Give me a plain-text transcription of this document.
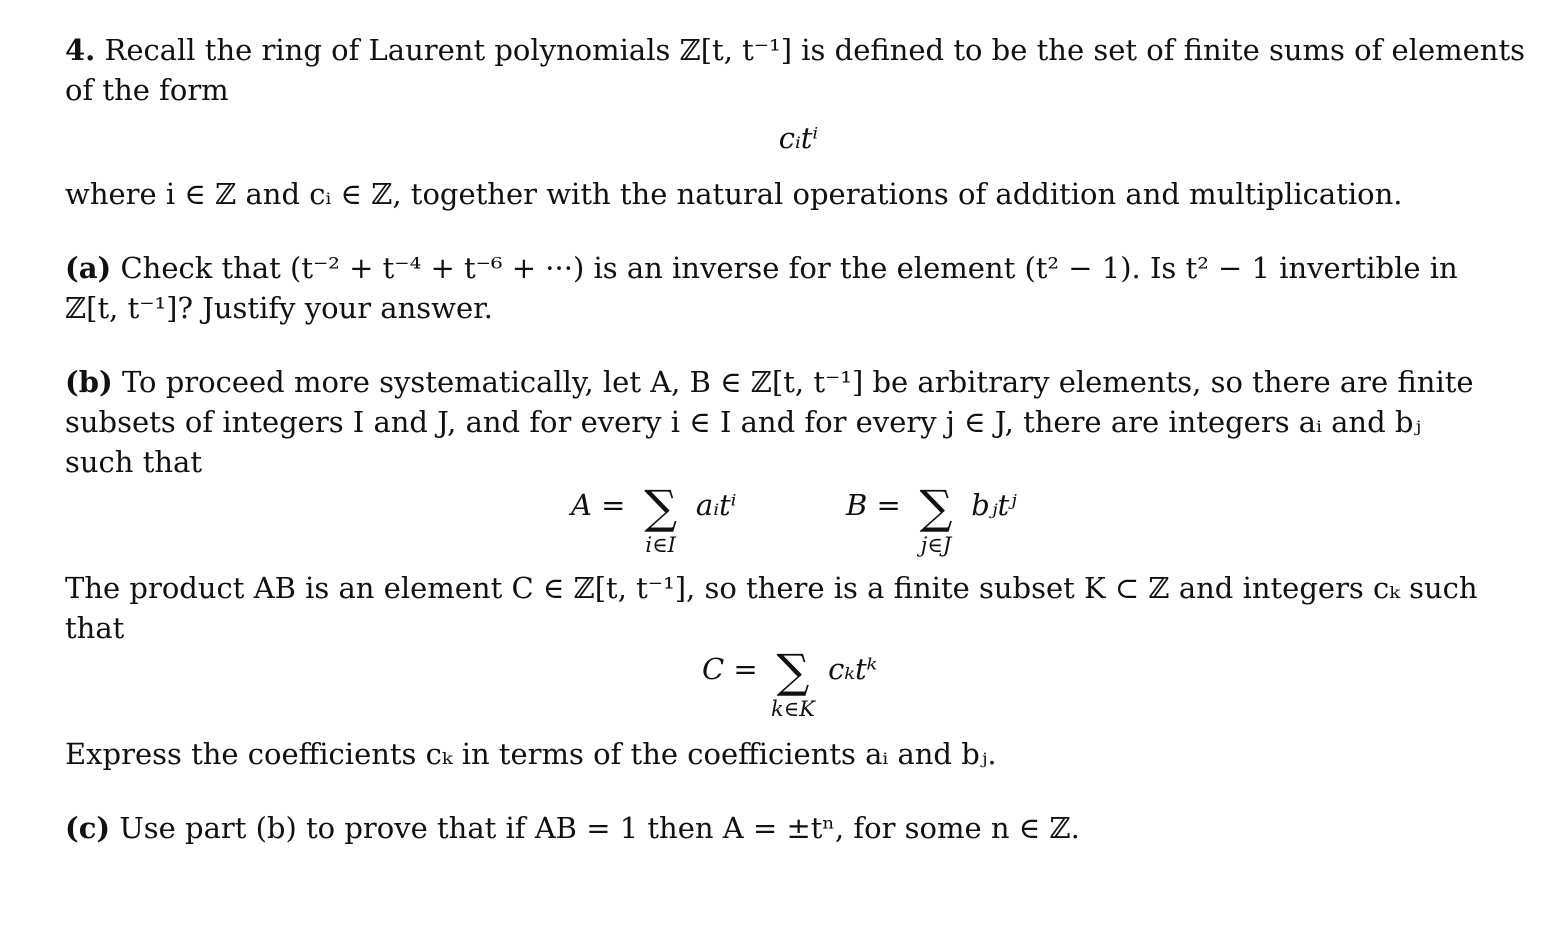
4. Recall the ring of Laurent polynomials ℤ[t, t⁻¹] is defined to be the set of finite sums of elements

of the form

cᵢtⁱ

where i ∈ ℤ and cᵢ ∈ ℤ, together with the natural operations of addition and multiplication.

(a) Check that (t⁻² + t⁻⁴ + t⁻⁶ + ···) is an inverse for the element (t² − 1). Is t² − 1 invertible in

ℤ[t, t⁻¹]? Justify your answer.

(b) To proceed more systematically, let A, B ∈ ℤ[t, t⁻¹] be arbitrary elements, so there are finite

subsets of integers I and J, and for every i ∈ I and for every j ∈ J, there are integers aᵢ and bⱼ

such that

A = ∑
i∈I
aᵢtⁱ	B = ∑
j∈J
bⱼtʲ

The product AB is an element C ∈ ℤ[t, t⁻¹], so there is a finite subset K ⊂ ℤ and integers cₖ such

that

C = ∑
k∈K
cₖtᵏ

Express the coefficients cₖ in terms of the coefficients aᵢ and bⱼ.

(c) Use part (b) to prove that if AB = 1 then A = ±tⁿ, for some n ∈ ℤ.
